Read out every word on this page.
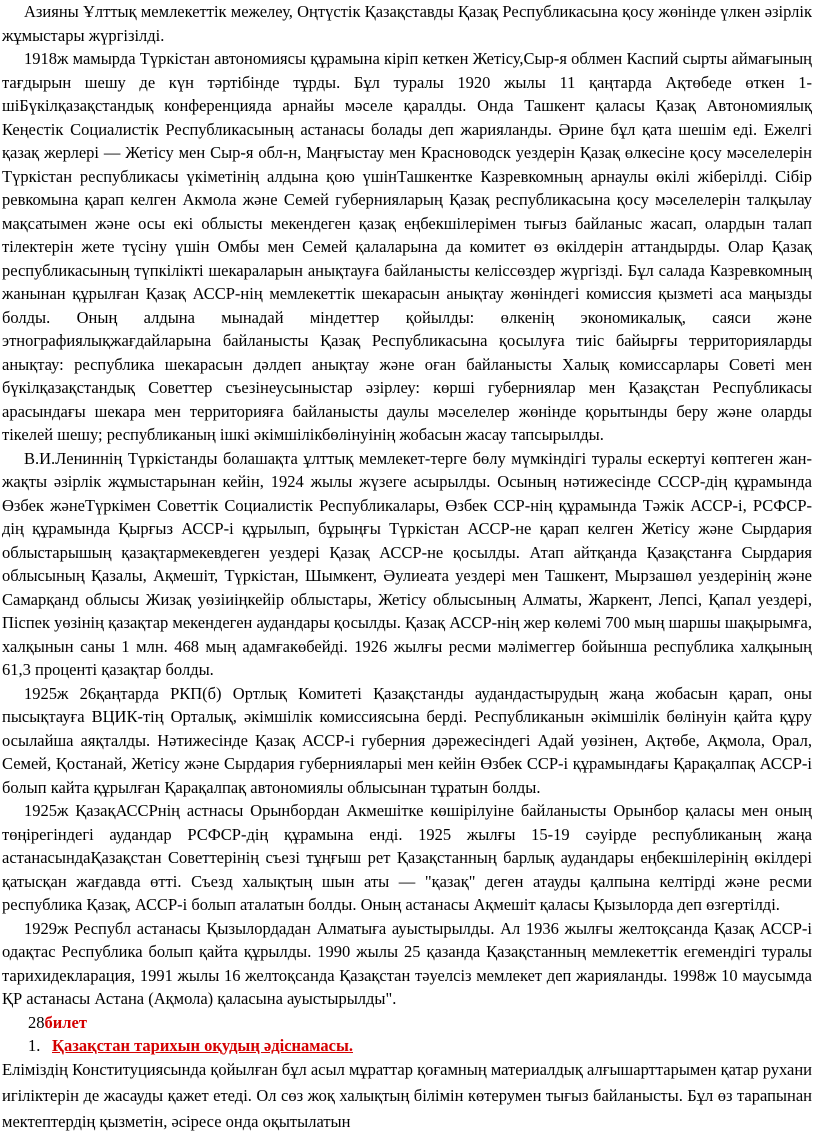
Азияны Ұлттық мемлекеттік межелеу, Оңтүстік Қазақставды Қазақ Республикасына қосу жөнінде үлкен әзірлік жұмыстары жүргізілді.

1918ж мамырда Түркістан автономиясы құрамына кіріп кеткен Жетісу,Сыр-я облмен Каспий сырты аймағының тағдырын шешу де күн тәртібінде тұрды. Бұл туралы 1920 жылы 11 қаңтарда Ақтөбеде өткен 1-шіБүкілқазақстандық конференцияда арнайы мәселе қаралды. Онда Ташкент қаласы Қазақ Автономиялық Кеңестік Социалистік Республикасының астанасы болады деп жарияланды. Әрине бұл қата шешім еді. Ежелгі қазақ жерлері — Жетісу мен Сыр-я обл-н, Маңғыстау мен Красноводск уездерін Қазақ өлкесіне қосу мәселелерін Түркістан республикасы үкіметінің алдына қою үшінТашкентке Казревкомның арнаулы өкілі жіберілді. Сібір ревкомына қарап келген Акмола және Семей губернияларың Қазақ республикасына қосу мәселелерін талқылау мақсатымен және осы екі облысты мекендеген қазақ еңбекшілерімен тығыз байланыс жасап, олардын талап тілектерін жете түсіну үшін Омбы мен Семей қалаларына да комитет өз өкілдерін аттандырды. Олар Қазақ республикасының түпкілікті шекараларын анықтауға байланысты келіссөздер жүргізді. Бұл салада Казревкомның жанынан құрылған Қазақ АССР-нің мемлекеттік шекарасын анықтау жөніндегі комиссия қызметі аса маңызды болды. Оның алдына мынадай міндеттер қойылды: өлкенің экономикалық, саяси және этнографиялықжағдайларына байланысты Қазақ Республикасына қосылуға тиіс байырғы территорияларды анықтау: республика шекарасын дәлдеп анықтау және оған байланысты Халық комиссарлары Советі мен бүкілқазақстандық Советтер съезінеусыныстар әзірлеу: көрші губерниялар мен Қазақстан Республикасы арасындағы шекара мен территорияға байланысты даулы мәселелер жөнінде қорытынды беру және оларды тікелей шешу; республиканың ішкі әкімшілікбөлінуінің жобасын жасау тапсырылды.

В.И.Лениннің Түркістанды болашақта ұлттық мемлекет-терге бөлу мүмкіндігі туралы ескертуі көптеген жан-жақты әзірлік жұмыстарынан кейін, 1924 жылы жүзеге асырылды. Осының нәтижесінде СССР-дің құрамында Өзбек жәнеТүркімен Советтік Социалистік Республикалары, Өзбек ССР-нің құрамында Тәжік АССР-і, РСФСР-дің құрамында Қырғыз АССР-і құрылып, бұрыңғы Түркістан АССР-не қарап келген Жетісу және Сырдария облыстарышың қазақтармекевдеген уездері Қазақ АССР-не қосылды. Атап айтқанда Қазақстанға Сырдария облысының Қазалы, Ақмешіт, Түркістан, Шымкент, Әулиеата уездері мен Ташкент, Мырзашөл уездерінің және Самарқанд облысы Жизақ уөзіиіңкейір облыстары, Жетісу облысының Алматы, Жаркент, Лепсі, Қапал уездері, Піспек уөзінің қазақтар мекендеген аудандары қосылды. Қазақ АССР-нің жер көлемі 700 мың шаршы шақырымға, халқынын саны 1 млн. 468 мың адамғакөбейді. 1926 жылғы ресми мәлімеггер бойынша республика халқының 61,3 проценті қазақтар болды.

1925ж 26қаңтарда РКП(б) Ортлық Комитеті Қазақстанды аудандастырудың жаңа жобасын қарап, оны пысықтауға ВЦИК-тің Орталық, әкімшілік комиссиясына берді. Республиканын әкімшілік бөлінуін қайта құру осылайша аяқталды. Нәтижесінде Қазақ АССР-і губерния дәрежесіндегі Адай уөзінен, Ақтөбе, Ақмола, Орал, Семей, Қостанай, Жетісу және Сырдария губернияларыі мен кейін Өзбек ССР-і құрамындағы Қарақалпақ АССР-і болып кайта құрылған Қарақалпақ автономиялы облысынан тұратын болды.

1925ж ҚазақАССРнің астнасы Орынбордан Акмешітке көшірілуіне байланысты Орынбор қаласы мен оның төңірегіндегі аудандар РСФСР-дің құрамына енді. 1925 жылғы 15-19 сәуірде республиканың жаңа астанасындаҚазақстан Советтерінің съезі тұңғыш рет Қазақстанның барлық аудандары еңбекшілерінің өкілдері қатысқан жағдавда өтті. Съезд халықтың шын аты — "қазақ" деген атауды қалпына келтірді және ресми республика Қазақ, АССР-і болып аталатын болды. Оның астанасы Ақмешіт қаласы Қызылорда деп өзгертілді.

1929ж Республ астанасы Қызылордадан Алматыға ауыстырылды. Ал 1936 жылғы желтоқсанда Қазақ АССР-і одақтас Республика болып қайта құрылды. 1990 жылы 25 қазанда Қазақстанның мемлекеттік егемендігі туралы тарихидекларация, 1991 жылы 16 желтоқсанда Қазақстан тәуелсіз мемлекет деп жарияланды. 1998ж 10 маусымда ҚР астанасы Астана (Ақмола) қаласына ауыстырылды".

28билет
1. Қазақстан тарихын оқудың әдіснамасы.

Еліміздің Конституциясында қойылған бұл асыл мұраттар қоғамның материалдық алғышарттарымен қатар рухани игіліктерін де жасауды қажет етеді. Ол сөз жоқ халықтың білімін көтерумен тығыз байланысты. Бұл өз тарапынан мектептердің қызметін, әсіресе онда оқытылатын
